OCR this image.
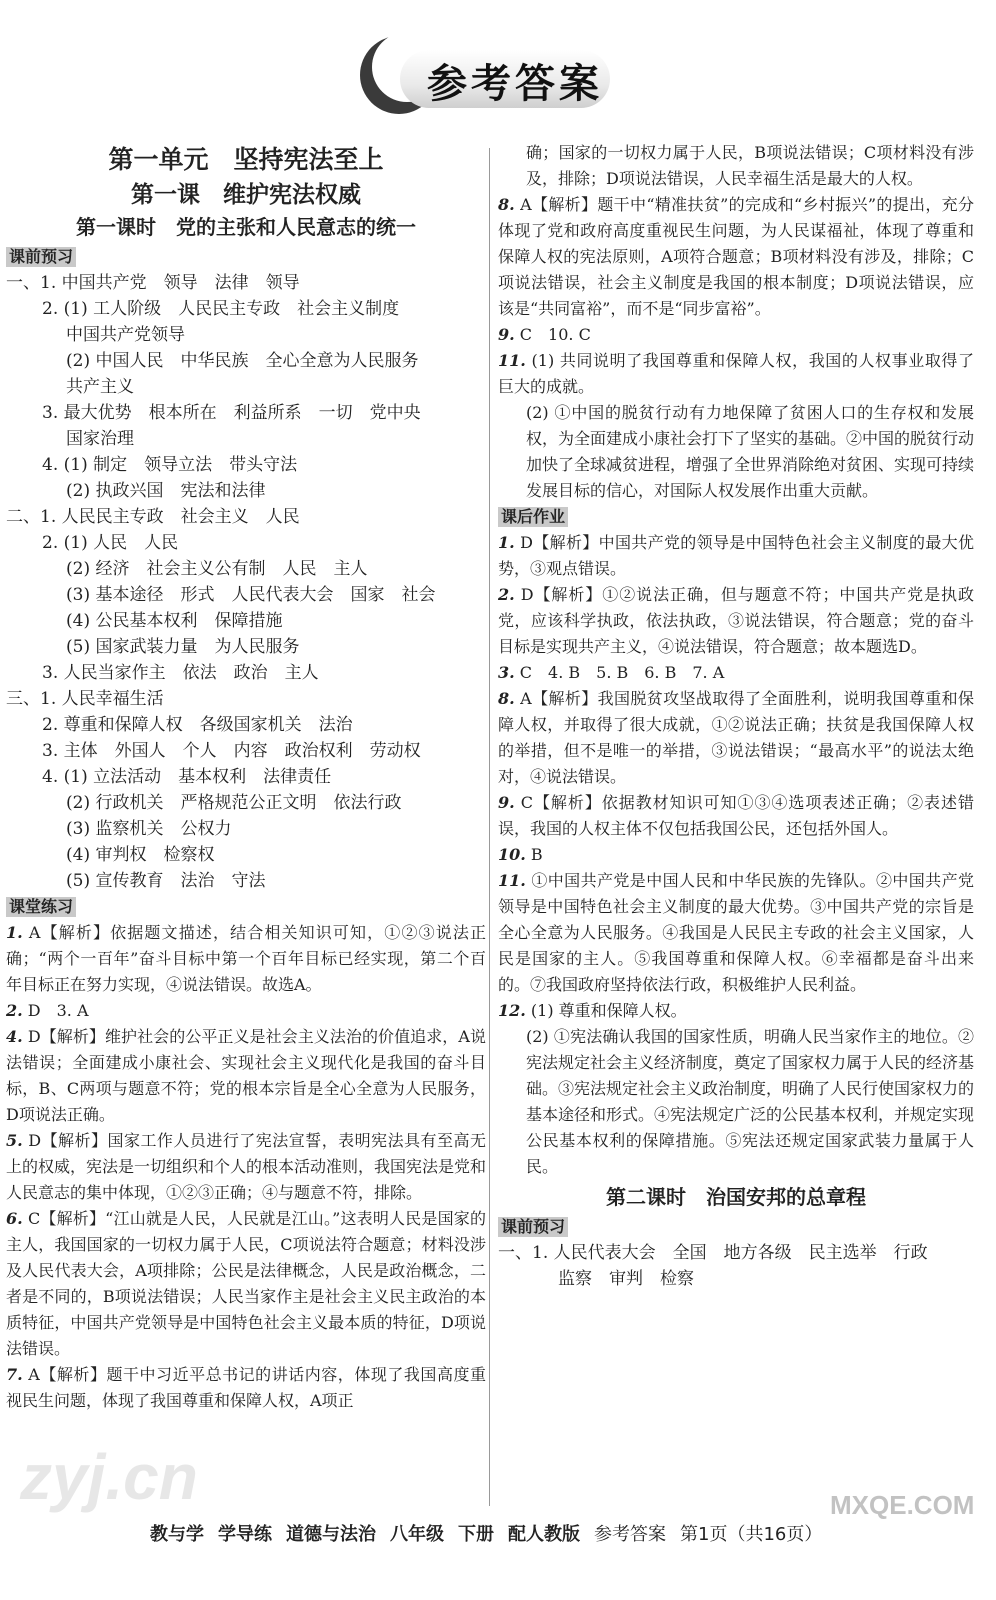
★ 参考答案
第一单元　坚持宪法至上
第一课　维护宪法权威
第一课时　党的主张和人民意志的统一
课前预习
一、1. 中国共产党　领导　法律　领导
2. (1) 工人阶级　人民民主专政　社会主义制度
中国共产党领导
(2) 中国人民　中华民族　全心全意为人民服务
共产主义
3. 最大优势　根本所在　利益所系　一切　党中央
国家治理
4. (1) 制定　领导立法　带头守法
(2) 执政兴国　宪法和法律
二、1. 人民民主专政　社会主义　人民
2. (1) 人民　人民
(2) 经济　社会主义公有制　人民　主人
(3) 基本途径　形式　人民代表大会　国家　社会
(4) 公民基本权利　保障措施
(5) 国家武装力量　为人民服务
3. 人民当家作主　依法　政治　主人
三、1. 人民幸福生活
2. 尊重和保障人权　各级国家机关　法治
3. 主体　外国人　个人　内容　政治权利　劳动权
4. (1) 立法活动　基本权利　法律责任
(2) 行政机关　严格规范公正文明　依法行政
(3) 监察机关　公权力
(4) 审判权　检察权
(5) 宣传教育　法治　守法
课堂练习
1. A【解析】依据题文描述，结合相关知识可知，①②③说法正确；“两个一百年”奋斗目标中第一个百年目标已经实现，第二个百年目标正在努力实现，④说法错误。故选A。
2. D　3. A
4. D【解析】维护社会的公平正义是社会主义法治的价值追求，A说法错误；全面建成小康社会、实现社会主义现代化是我国的奋斗目标，B、C两项与题意不符；党的根本宗旨是全心全意为人民服务，D项说法正确。
5. D【解析】国家工作人员进行了宪法宣誓，表明宪法具有至高无上的权威，宪法是一切组织和个人的根本活动准则，我国宪法是党和人民意志的集中体现，①②③正确；④与题意不符，排除。
6. C【解析】“江山就是人民，人民就是江山。”这表明人民是国家的主人，我国国家的一切权力属于人民，C项说法符合题意；材料没涉及人民代表大会，A项排除；公民是法律概念，人民是政治概念，二者是不同的，B项说法错误；人民当家作主是社会主义民主政治的本质特征，中国共产党领导是中国特色社会主义最本质的特征，D项说法错误。
7. A【解析】题干中习近平总书记的讲话内容，体现了我国高度重视民生问题，体现了我国尊重和保障人权，A项正
确；国家的一切权力属于人民，B项说法错误；C项材料没有涉及，排除；D项说法错误，人民幸福生活是最大的人权。
8. A【解析】题干中“精准扶贫”的完成和“乡村振兴”的提出，充分体现了党和政府高度重视民生问题，为人民谋福祉，体现了尊重和保障人权的宪法原则，A项符合题意；B项材料没有涉及，排除；C项说法错误，社会主义制度是我国的根本制度；D项说法错误，应该是“共同富裕”，而不是“同步富裕”。
9. C　10. C
11. (1) 共同说明了我国尊重和保障人权，我国的人权事业取得了巨大的成就。
(2) ①中国的脱贫行动有力地保障了贫困人口的生存权和发展权，为全面建成小康社会打下了坚实的基础。②中国的脱贫行动加快了全球减贫进程，增强了全世界消除绝对贫困、实现可持续发展目标的信心，对国际人权发展作出重大贡献。
课后作业
1. D【解析】中国共产党的领导是中国特色社会主义制度的最大优势，③观点错误。
2. D【解析】①②说法正确，但与题意不符；中国共产党是执政党，应该科学执政，依法执政，③说法错误，符合题意；党的奋斗目标是实现共产主义，④说法错误，符合题意；故本题选D。
3. C　4. B　5. B　6. B　7. A
8. A【解析】我国脱贫攻坚战取得了全面胜利，说明我国尊重和保障人权，并取得了很大成就，①②说法正确；扶贫是我国保障人权的举措，但不是唯一的举措，③说法错误；“最高水平”的说法太绝对，④说法错误。
9. C【解析】依据教材知识可知①③④选项表述正确；②表述错误，我国的人权主体不仅包括我国公民，还包括外国人。
10. B
11. ①中国共产党是中国人民和中华民族的先锋队。②中国共产党领导是中国特色社会主义制度的最大优势。③中国共产党的宗旨是全心全意为人民服务。④我国是人民民主专政的社会主义国家，人民是国家的主人。⑤我国尊重和保障人权。⑥幸福都是奋斗出来的。⑦我国政府坚持依法行政，积极维护人民利益。
12. (1) 尊重和保障人权。
(2) ①宪法确认我国的国家性质，明确人民当家作主的地位。②宪法规定社会主义经济制度，奠定了国家权力属于人民的经济基础。③宪法规定社会主义政治制度，明确了人民行使国家权力的基本途径和形式。④宪法规定广泛的公民基本权利，并规定实现公民基本权利的保障措施。⑤宪法还规定国家武装力量属于人民。
第二课时　治国安邦的总章程
课前预习
一、1. 人民代表大会　全国　地方各级　民主选举　行政
监察　审判　检察
教与学 学导练 道德与法治 八年级 下册 配人教版 参考答案 第1页（共16页）
zyj.cn	MXQE.COM
